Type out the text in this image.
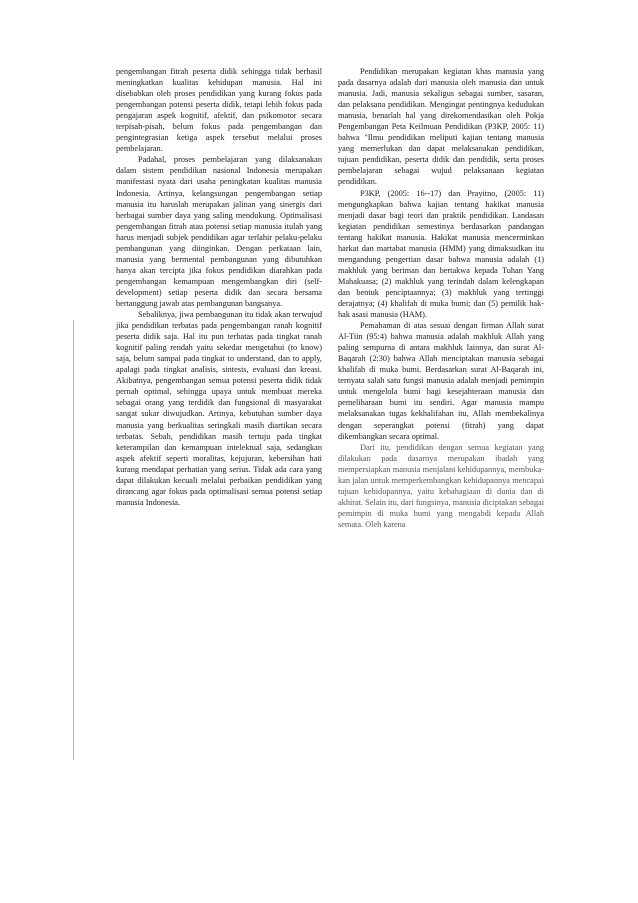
pengembangan fitrah peserta didik sehingga tidak berhasil meningkatkan kualitas kehidupan manusia. Hal ini disebabkan oleh proses pendidikan yang kurang fokus pada pengembangan potensi peserta didik, tetapi lebih fokus pada pengajaran aspek kognitif, afektif, dan psikomotor secara terpisah-pisah, belum fokus pada pengembangan dan pengintegrasian ketiga aspek tersebut melalui proses pembelajaran.

Padahal, proses pembelajaran yang dilaksanakan dalam sistem pendidikan nasional Indonesia merupakan manifestasi nyata dari usaha peningkatan kualitas manusia Indonesia. Artinya, kelangsungan pengembangan setiap manusia itu haruslah merupakan jalinan yang sinergis dari berbagai sumber daya yang saling mendukung. Optimalisasi pengembangan fitrah atau potensi setiap manusia itulah yang harus menjadi subjek pendidikan agar terlahir pelaku-pelaku pembangunan yang diinginkan. Dengan perkataan lain, manusia yang bermental pembangunan yang dibutuhkan hanya akan tercipta jika fokus pendidikan diarahkan pada pengembangan kemampuan mengembangkan diri (self-development) setiap peserta didik dan secara bersama bertanggung jawab atas pembangunan bangsanya.

Sebaliknya, jiwa pembangunan itu tidak akan terwujud jika pendidikan terbatas pada pengembangan ranah kognitif peserta didik saja. Hal itu pun terbatas pada tingkat ranah kognitif paling rendah yaitu sekedar mengetahui (to know) saja, belum sampai pada tingkat to understand, dan to apply, apalagi pada tingkat analisis, sintesis, evaluasi dan kreasi. Akibatnya, pengembangan semua potensi peserta didik tidak pernah optimal, sehingga upaya untuk membuat mereka sebagai orang yang terdidik dan fungsional di masyarakat sangat sukar diwujudkan. Artinya, kebutuhan sumber daya manusia yang berkualitas seringkali masih diartikan secara terbatas. Sebab, pendidikan masih tertuju pada tingkat keterampilan dan kemampuan intelektual saja, sedangkan aspek afektif seperti moralitas, kejujuran, kebersihan hati kurang mendapat perhatian yang serius. Tidak ada cara yang dapat dilakukan kecuali melalui perbaikan pendidikan yang dirancang agar fokus pada optimalisasi semua potensi setiap manusia Indonesia.

Pendidikan merupakan kegiatan khas manusia yang pada dasarnya adalah dari manusia oleh manusia dan untuk manusia. Jadi, manusia sekaligus sebagai sumber, sasaran, dan pelaksana pendidikan. Mengingat pentingnya kedudukan manusia, benarlah hal yang direkomendasikan oleh Pokja Pengembangan Peta Keilmuan Pendidikan (P3KP, 2005: 11) bahwa "Ilmu pendidikan meliputi kajian tentang manusia yang memerlukan dan dapat melaksanakan pendidikan, tujuan pendidikan, peserta didik dan pendidik, serta proses pembelajaran sebagai wujud pelaksanaan kegiatan pendidikan.

P3KP, (2005: 16--17) dan Prayitno, (2005: 11) mengungkapkan bahwa kajian tentang hakikat manusia menjadi dasar bagi teori dan praktik pendidikan. Landasan kegiatan pendidikan semestinya berdasarkan pandangan tentang hakikat manusia. Hakikat manusia mencerminkan harkat dan martabat manusia (HMM) yang dimaksudkan itu mengandung pengertian dasar bahwa manusia adalah (1) makhluk yang beriman dan bertakwa kepada Tuhan Yang Mahakuasa; (2) makhluk yang terindah dalam kelengkapan dan bentuk penciptaannya; (3) makhluk yang tertinggi derajatnya; (4) khalifah di muka bumi; dan (5) pemilik hak-hak asasi manusia (HAM).

Pemahaman di atas sesuai dengan firman Allah surat Al-Tiin (95:4) bahwa manusia adalah makhluk Allah yang paling sempurna di antara makhluk lainnya, dan surat Al-Baqarah (2:30) bahwa Allah menciptakan manusia sebagai khalifah di muka bumi. Berdasarkan surat Al-Baqarah ini, ternyata salah satu fungsi manusia adalah menjadi pemimpin untuk mengelola bumi bagi kesejahteraan manusia dan pemeliharaan bumi itu sendiri. Agar manusia mampu melaksanakan tugas kekhalifahan itu, Allah membekalinya dengan seperangkat potensi (fitrah) yang dapat dikembangkan secara optimal.

Dari itu, pendidikan dengan semua kegiatan yang dilakukan pada dasarnya merupakan ibadah yang mempersiapkan manusia menjalani kehidupannya, membuka-kan jalan untuk memperkembangkan kehidupannya mencapai tujuan kehidupannya, yaitu kebahagiaan di dunia dan di akhirat. Selain itu, dari fungsinya, manusia diciptakan sebagai pemimpin di muka bumi yang mengabdi kepada Allah semata. Oleh karena
